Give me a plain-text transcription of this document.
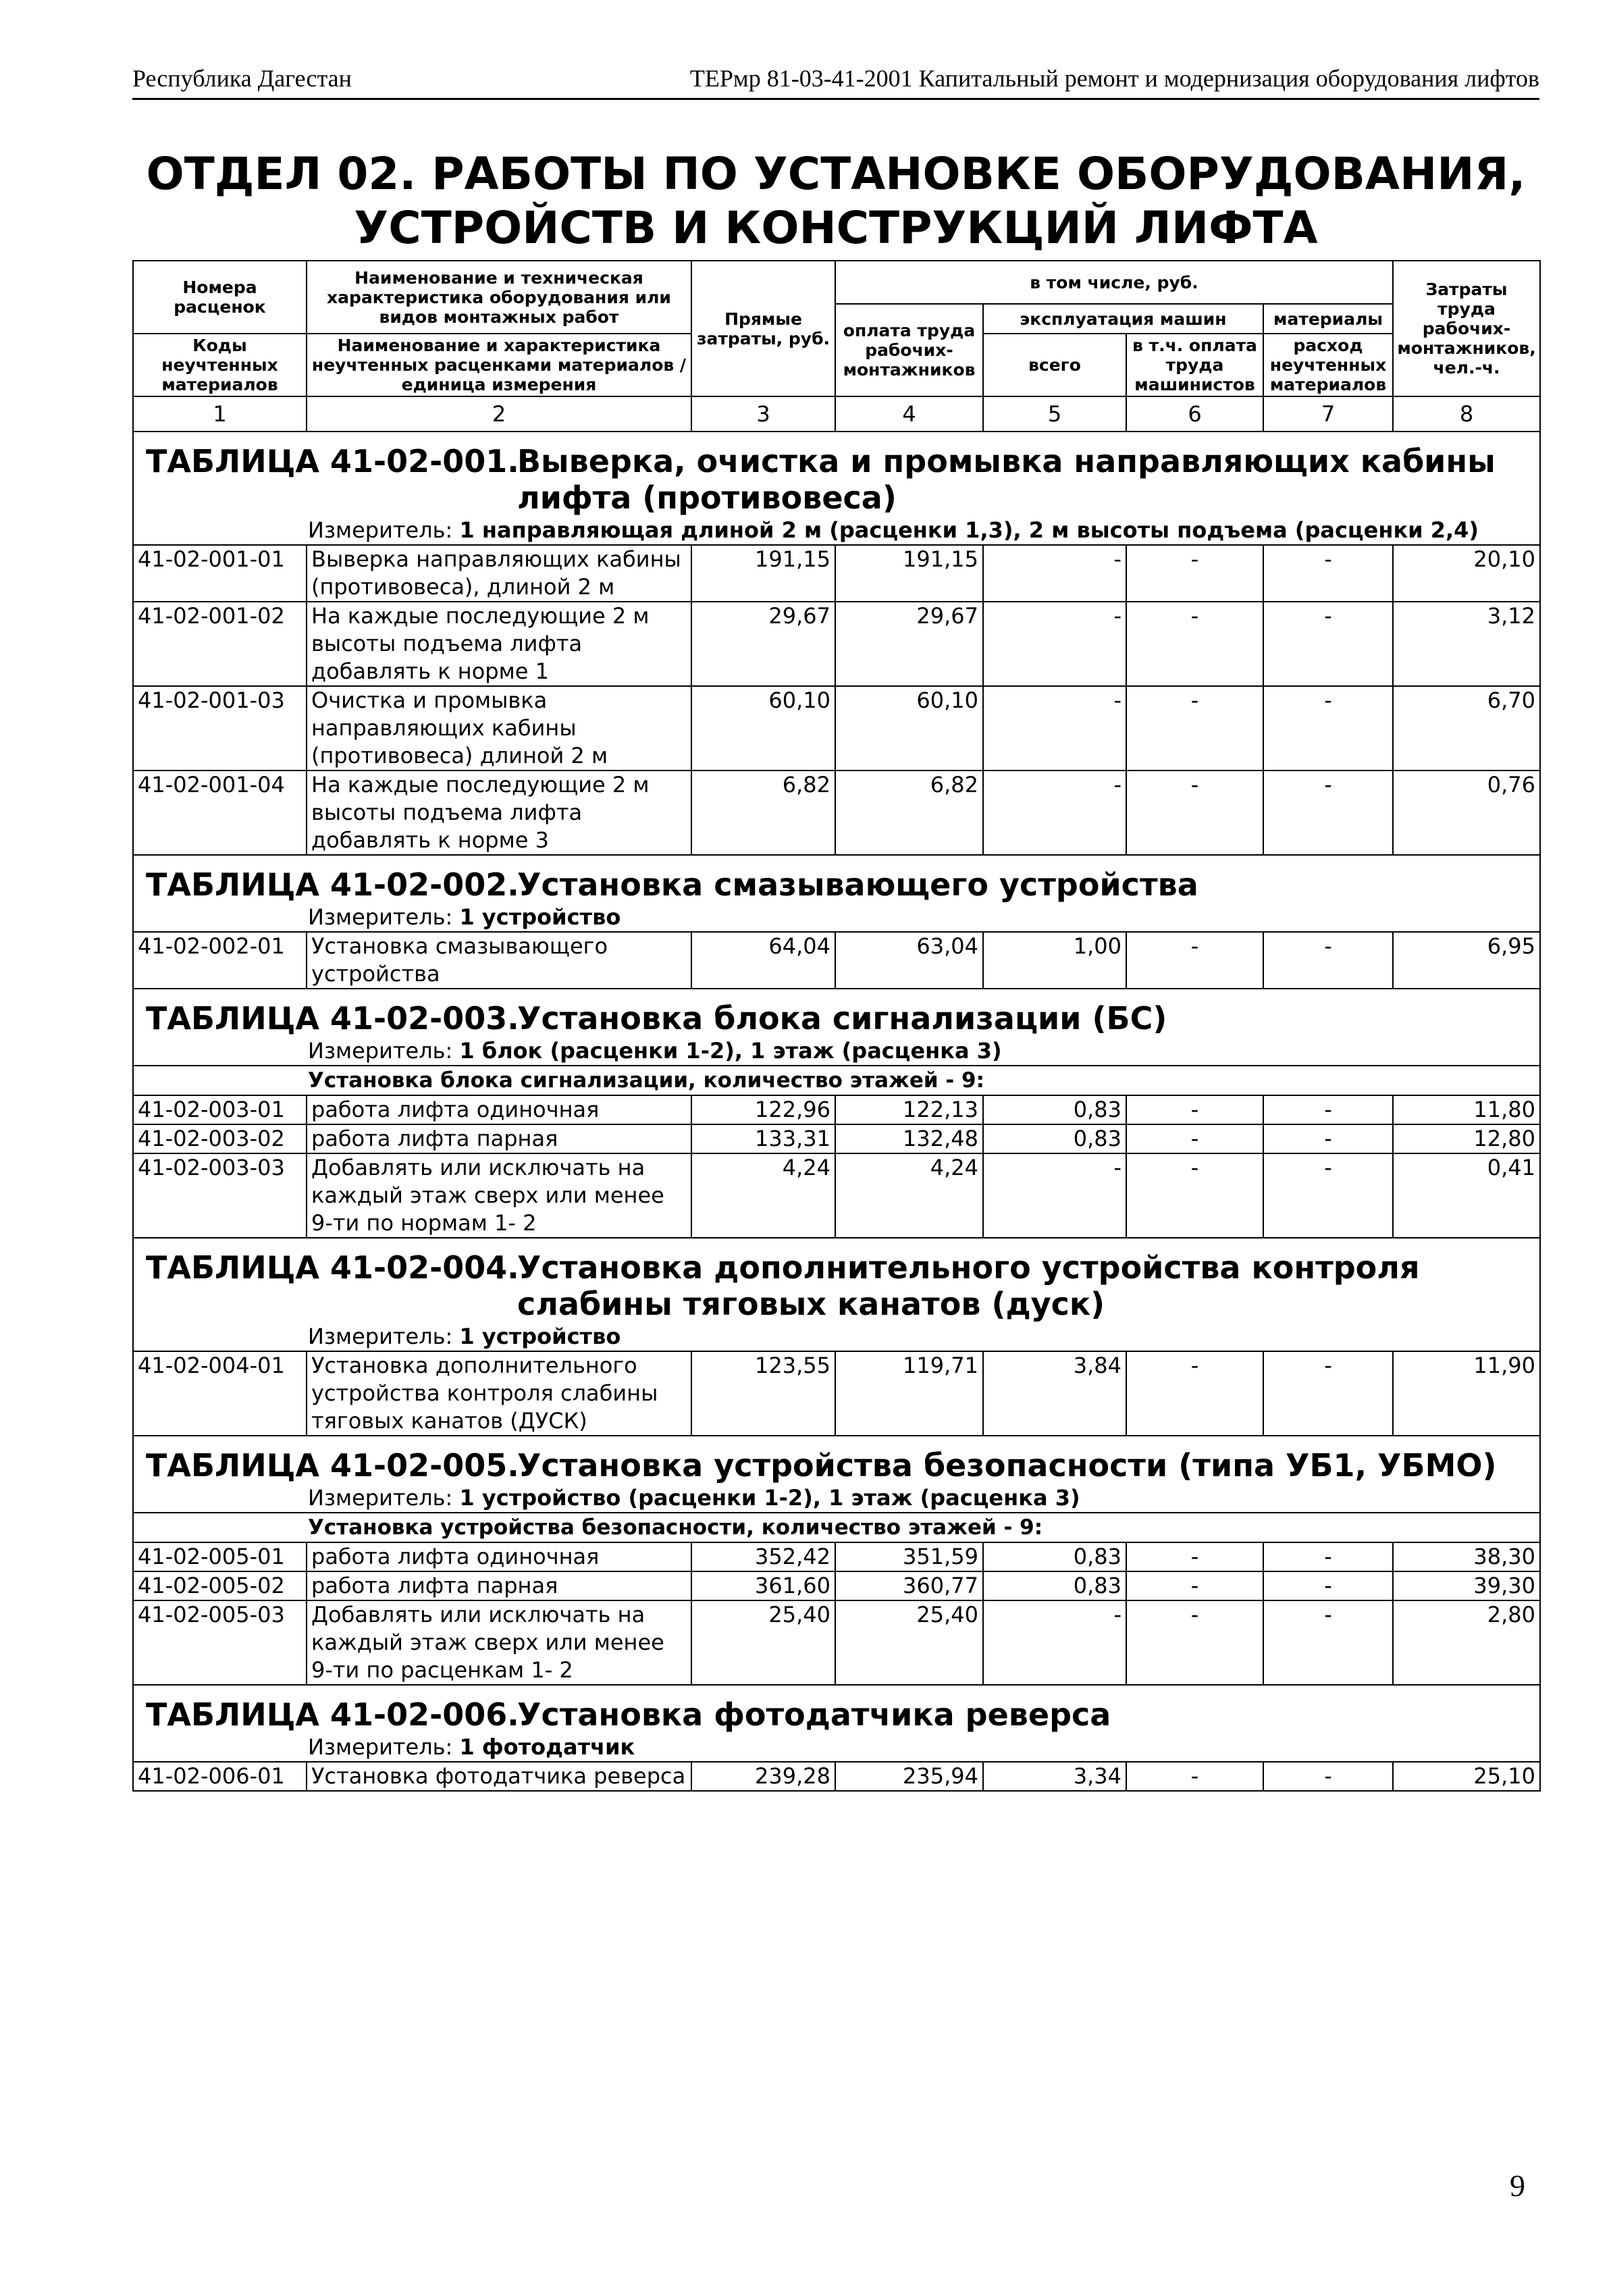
Республика Дагестан	ТЕРмр 81-03-41-2001 Капитальный ремонт и модернизация оборудования лифтов
ОТДЕЛ 02. РАБОТЫ ПО УСТАНОВКЕ ОБОРУДОВАНИЯ,
УСТРОЙСТВ И КОНСТРУКЦИЙ ЛИФТА
Номера расценок	Наименование и техническая характеристика оборудования или видов монтажных работ	Прямые затраты, руб.	в том числе, руб.				Затраты труда рабочих-монтажников, чел.-ч.
			оплата труда рабочих-монтажников	эксплуатация машин		материалы	
Коды неучтенных материалов	Наименование и характеристика неучтенных расценками материалов / единица измерения			всего	в т.ч. оплата труда машинистов	расход неучтенных материалов	

1	2	3	4	5	6	7	8

ТАБЛИЦА 41-02-001.
Выверка, очистка и промывка направляющих кабины лифта (противовеса)							

Измеритель: 1 направляющая длиной 2 м (расценки 1,3), 2 м высоты подъема (расценки 2,4)							
41-02-001-01	Выверка направляющих кабины (противовеса), длиной 2 м	191,15	191,15	-	-	-	20,10
41-02-001-02	На каждые последующие 2 м высоты подъема лифта добавлять к норме 1	29,67	29,67	-	-	-	3,12
41-02-001-03	Очистка и промывка направляющих кабины (противовеса) длиной 2 м	60,10	60,10	-	-	-	6,70
41-02-001-04	На каждые последующие 2 м высоты подъема лифта добавлять к норме 3	6,82	6,82	-	-	-	0,76

ТАБЛИЦА 41-02-002.
Установка смазывающего устройства							

Измеритель: 1 устройство							
41-02-002-01	Установка смазывающего устройства	64,04	63,04	1,00	-	-	6,95

ТАБЛИЦА 41-02-003.
Установка блока сигнализации (БС)							

Измеритель: 1 блок (расценки 1-2), 1 этаж (расценка 3)							
Установка блока сигнализации, количество этажей - 9:							
41-02-003-01	работа лифта одиночная	122,96	122,13	0,83	-	-	11,80
41-02-003-02	работа лифта парная	133,31	132,48	0,83	-	-	12,80
41-02-003-03	Добавлять или исключать на каждый этаж сверх или менее 9-ти по нормам 1- 2	4,24	4,24	-	-	-	0,41

ТАБЛИЦА 41-02-004.
Установка дополнительного устройства контроля слабины тяговых канатов (дуск)							

Измеритель: 1 устройство							
41-02-004-01	Установка дополнительного устройства контроля слабины тяговых канатов (ДУСК)	123,55	119,71	3,84	-	-	11,90

ТАБЛИЦА 41-02-005.
Установка устройства безопасности (типа УБ1, УБМО)							

Измеритель: 1 устройство (расценки 1-2), 1 этаж (расценка 3)							
Установка устройства безопасности, количество этажей - 9:							
41-02-005-01	работа лифта одиночная	352,42	351,59	0,83	-	-	38,30
41-02-005-02	работа лифта парная	361,60	360,77	0,83	-	-	39,30
41-02-005-03	Добавлять или исключать на каждый этаж сверх или менее 9-ти по расценкам 1- 2	25,40	25,40	-	-	-	2,80

ТАБЛИЦА 41-02-006.
Установка фотодатчика реверса							

Измеритель: 1 фотодатчик							
41-02-006-01	Установка фотодатчика реверса	239,28	235,94	3,34	-	-	25,10
9
